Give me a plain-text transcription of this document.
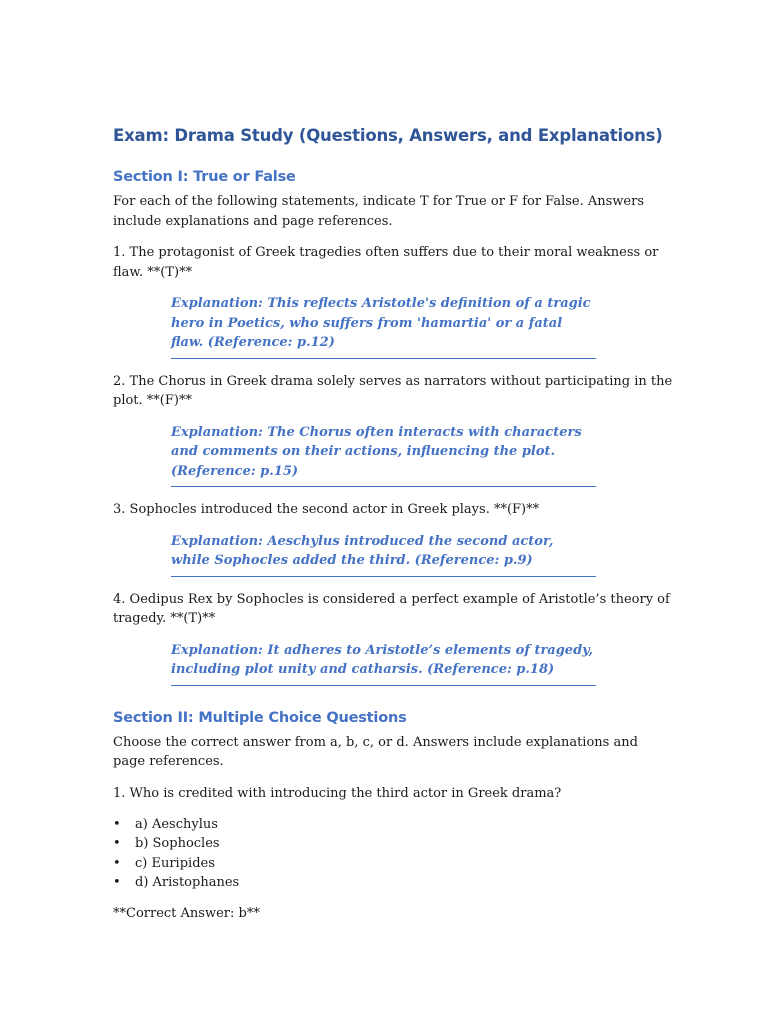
Exam: Drama Study (Questions, Answers, and Explanations)
Section I: True or False

For each of the following statements, indicate T for True or F for False. Answers include explanations and page references.

1. The protagonist of Greek tragedies often suffers due to their moral weakness or flaw. **(T)**

Explanation: This reflects Aristotle's definition of a tragic hero in Poetics, who suffers from 'hamartia' or a fatal flaw. (Reference: p.12)

2. The Chorus in Greek drama solely serves as narrators without participating in the plot. **(F)**

Explanation: The Chorus often interacts with characters and comments on their actions, influencing the plot. (Reference: p.15)

3. Sophocles introduced the second actor in Greek plays. **(F)**

Explanation: Aeschylus introduced the second actor, while Sophocles added the third. (Reference: p.9)

4. Oedipus Rex by Sophocles is considered a perfect example of Aristotle’s theory of tragedy. **(T)**

Explanation: It adheres to Aristotle’s elements of tragedy, including plot unity and catharsis. (Reference: p.18)
Section II: Multiple Choice Questions

Choose the correct answer from a, b, c, or d. Answers include explanations and page references.

1. Who is credited with introducing the third actor in Greek drama?

• a) Aeschylus
• b) Sophocles
• c) Euripides
• d) Aristophanes

**Correct Answer: b**
